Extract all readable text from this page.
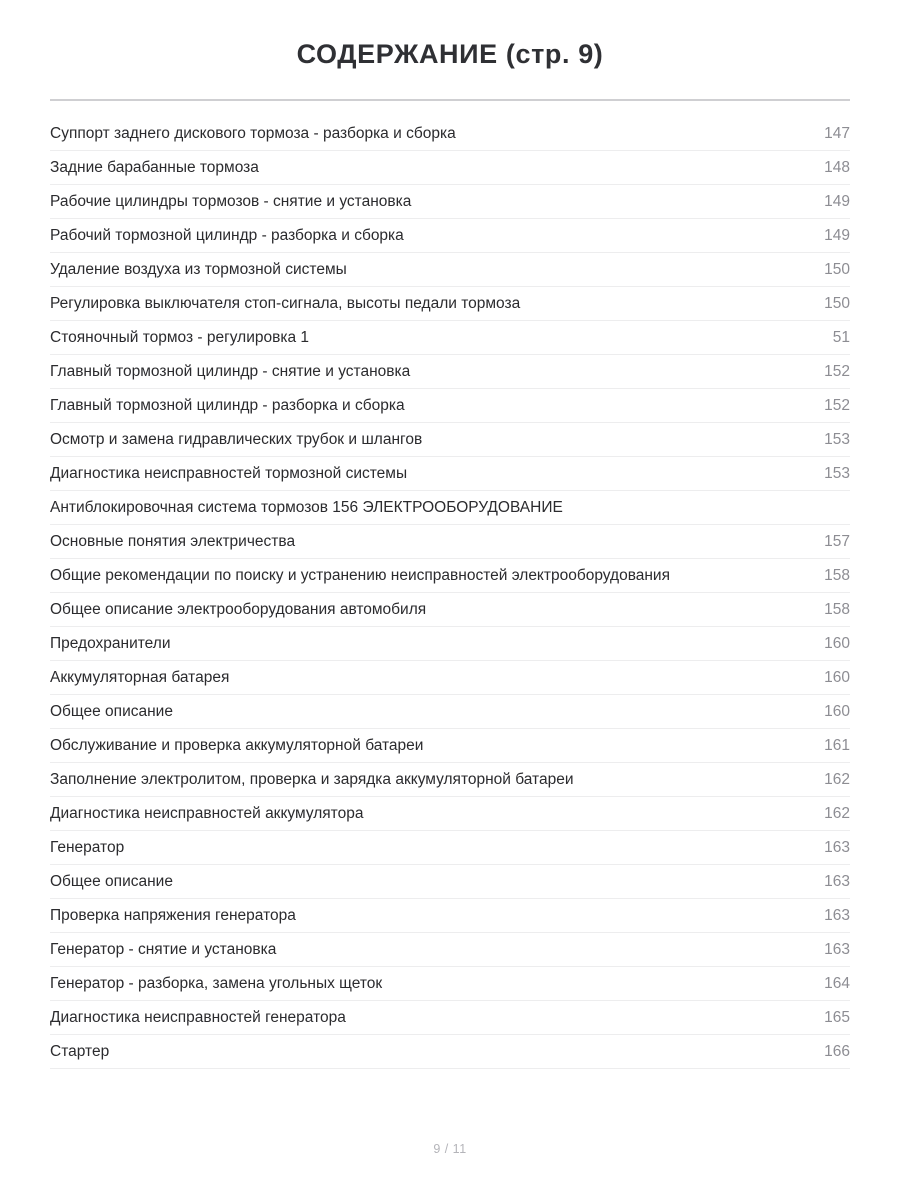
СОДЕРЖАНИЕ (стр. 9)
Суппорт заднего дискового тормоза - разборка и сборка	147
Задние барабанные тормоза	148
Рабочие цилиндры тормозов - снятие и установка	149
Рабочий тормозной цилиндр - разборка и сборка	149
Удаление воздуха из тормозной системы	150
Регулировка выключателя стоп-сигнала, высоты педали тормоза	150
Стояночный тормоз - регулировка 1	51
Главный тормозной цилиндр - снятие и установка	152
Главный тормозной цилиндр - разборка и сборка	152
Осмотр и замена гидравлических трубок и шлангов	153
Диагностика неисправностей тормозной системы	153
Антиблокировочная система тормозов 156 ЭЛЕКТРООБОРУДОВАНИЕ
Основные понятия электричества	157
Общие рекомендации по поиску и устранению неисправностей электрооборудования	158
Общее описание электрооборудования автомобиля	158
Предохранители	160
Аккумуляторная батарея	160
Общее описание	160
Обслуживание и проверка аккумуляторной батареи	161
Заполнение электролитом, проверка и зарядка аккумуляторной батареи	162
Диагностика неисправностей аккумулятора	162
Генератор	163
Общее описание	163
Проверка напряжения генератора	163
Генератор - снятие и установка	163
Генератор - разборка, замена угольных щеток	164
Диагностика неисправностей генератора	165
Стартер	166
9 / 11
